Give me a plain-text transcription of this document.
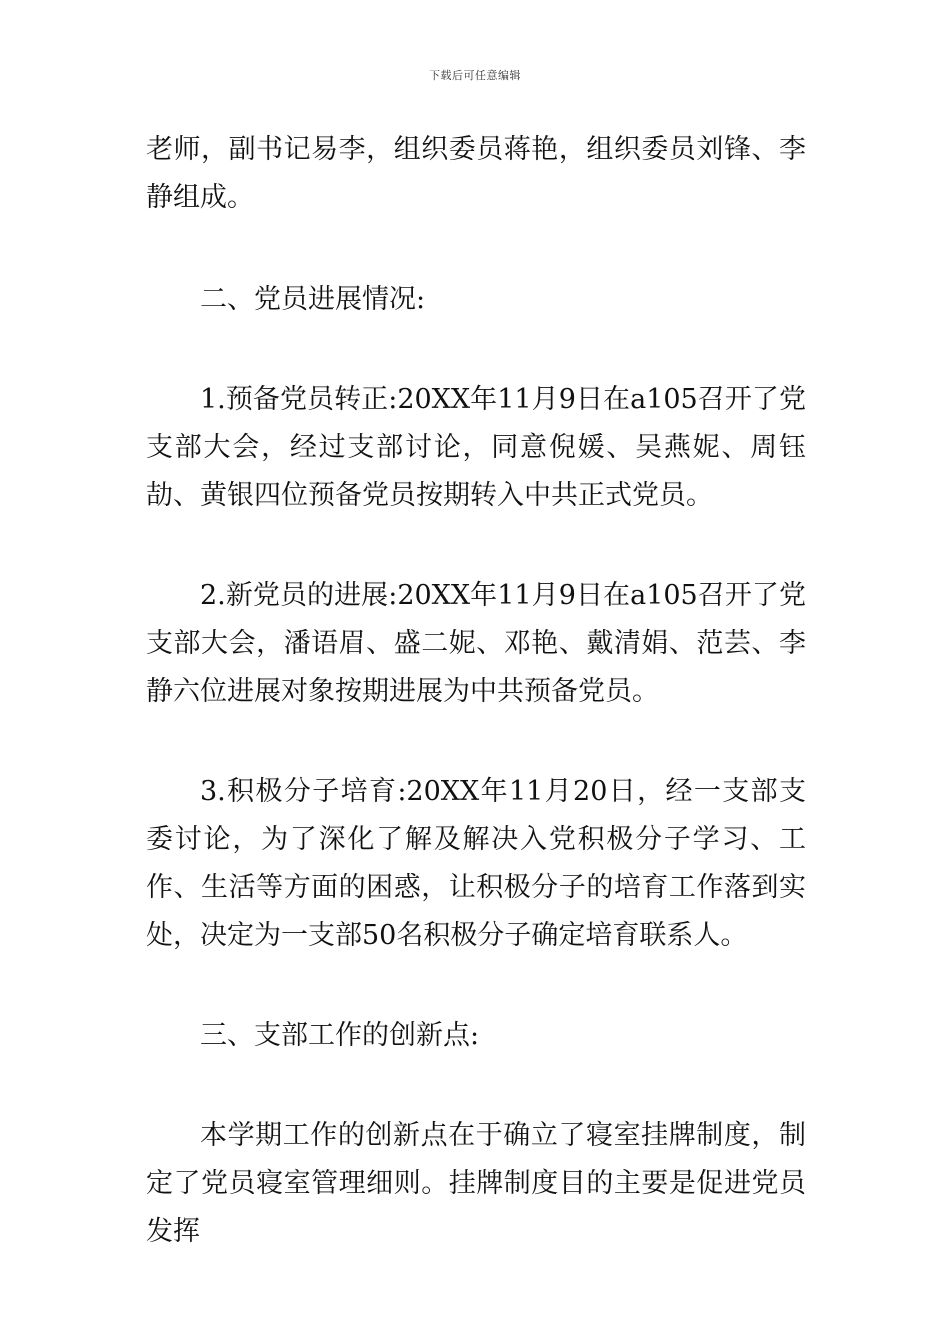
下载后可任意编辑

老师，副书记易李，组织委员蒋艳，组织委员刘锋、李静组成。

二、党员进展情况:

1.预备党员转正:20XX年11月9日在a105召开了党支部大会，经过支部讨论，同意倪媛、吴燕妮、周钰劼、黄银四位预备党员按期转入中共正式党员。

2.新党员的进展:20XX年11月9日在a105召开了党支部大会，潘语眉、盛二妮、邓艳、戴清娟、范芸、李静六位进展对象按期进展为中共预备党员。

3.积极分子培育:20XX年11月20日，经一支部支委讨论，为了深化了解及解决入党积极分子学习、工作、生活等方面的困惑，让积极分子的培育工作落到实处，决定为一支部50名积极分子确定培育联系人。

三、支部工作的创新点:

本学期工作的创新点在于确立了寝室挂牌制度，制定了党员寝室管理细则。挂牌制度目的主要是促进党员发挥
